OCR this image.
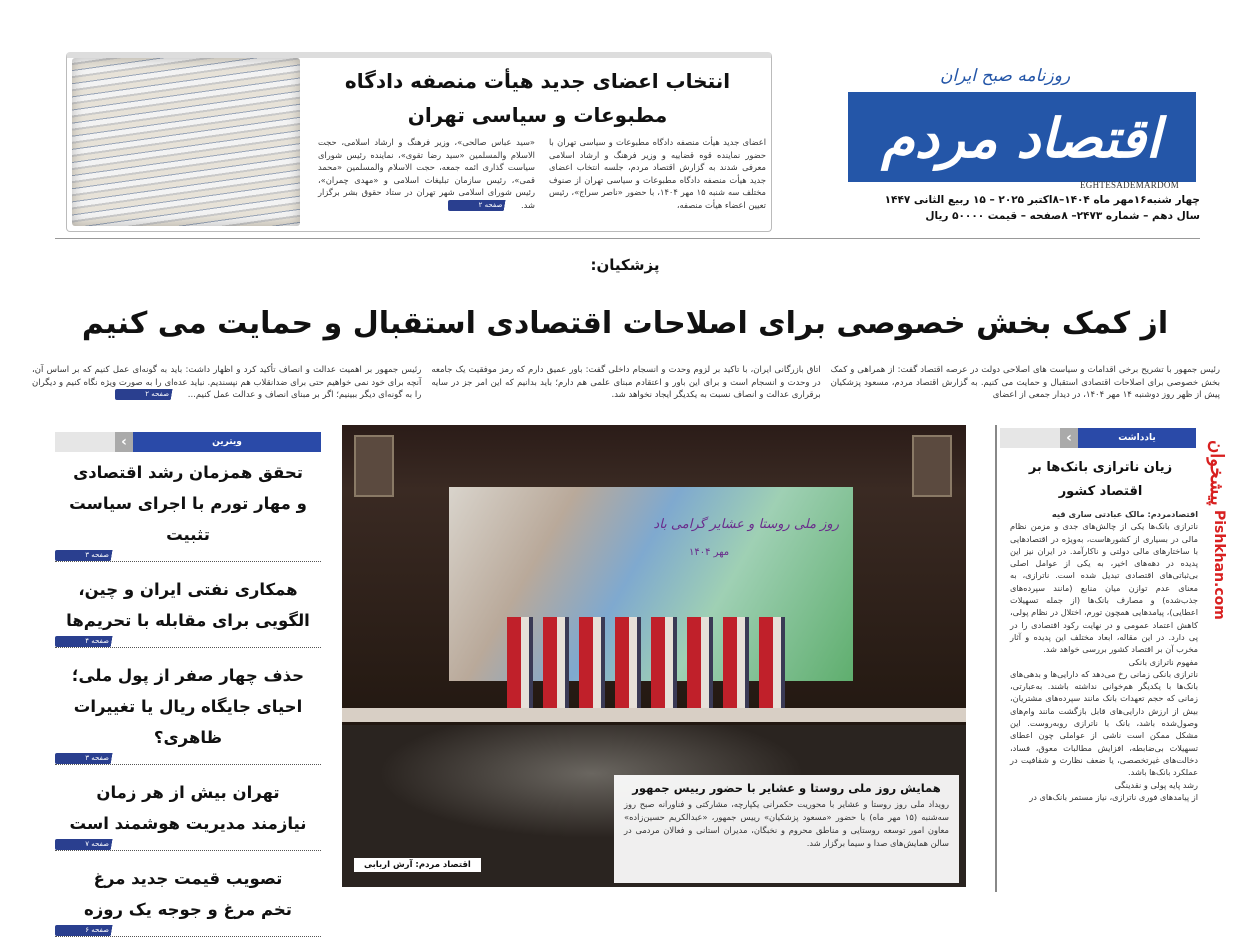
اقتصاد مردم
روزنامه صبح ایران
EGHTESADEMARDOM
چهار شنبه۱۶مهر ماه ۱۴۰۴–۸اکتبر ۲۰۲۵ – ۱۵ ربیع الثانی ۱۴۴۷
سال دهم – شماره ۲۴۷۳– ۸صفحه – قیمت ۵۰۰۰۰ ریال
انتخاب اعضای جدید هیأت منصفه دادگاه
مطبوعات و سیاسی تهران
اعضای جدید هیأت منصفه دادگاه مطبوعات و سیاسی تهران با حضور نماینده قوه قضاییه و وزیر فرهنگ و ارشاد اسلامی معرفی شدند به گزارش اقتصاد مردم، جلسه انتخاب اعضای جدید هیأت منصفه دادگاه مطبوعات و سیاسی تهران از صنوف مختلف سه شنبه ۱۵ مهر ۱۴۰۴، با حضور «ناصر سراج»، رئیس تعیین اعضاء هیأت منصفه،
«سید عباس صالحی»، وزیر فرهنگ و ارشاد اسلامی، حجت الاسلام والمسلمین «سید رضا تقوی»، نماینده رئیس شورای سیاست گذاری ائمه جمعه، حجت الاسلام والمسلمین «محمد قمی»، رئیس سازمان تبلیغات اسلامی و «مهدی چمران»، رئیس شورای اسلامی شهر تهران در ستاد حقوق بشر برگزار شد. صفحه ۲
پزشکیان:
از کمک بخش خصوصی برای اصلاحات اقتصادی استقبال و حمایت می کنیم
رئیس جمهور با تشریح برخی اقدامات و سیاست های اصلاحی دولت در عرصه اقتصاد گفت: از همراهی و کمک بخش خصوصی برای اصلاحات اقتصادی استقبال و حمایت می کنیم. به گزارش اقتصاد مردم، مسعود پزشکیان پیش از ظهر روز دوشنبه ۱۴ مهر ۱۴۰۴، در دیدار جمعی از اعضای
اتاق بازرگانی ایران، با تاکید بر لزوم وحدت و انسجام داخلی گفت: باور عمیق دارم که رمز موفقیت یک جامعه در وحدت و انسجام است و برای این باور و اعتقادم مبنای علمی هم دارم؛ باید بدانیم که این امر جز در سایه برقراری عدالت و انصاف نسبت به یکدیگر ایجاد نخواهد شد.
رئیس جمهور بر اهمیت عدالت و انصاف تأکید کرد و اظهار داشت: باید به گونه‌ای عمل کنیم که بر اساس آن، آنچه برای خود نمی خواهیم حتی برای ضدانقلاب هم نپسندیم. نباید عده‌ای را به صورت ویژه نگاه کنیم و دیگران را به گونه‌ای دیگر ببینیم؛ اگر بر مبنای انصاف و عدالت عمل کنیم... صفحه ۲
ویترین
‹
تحقق همزمان رشد اقتصادی
و مهار تورم با اجرای سیاست تثبیت
صفحه ۳
همکاری نفتی ایران و چین،
الگویی برای مقابله با تحریم‌ها
صفحه ۴
حذف چهار صفر از پول ملی؛
احیای جایگاه ریال یا تغییرات ظاهری؟
صفحه ۳
تهران بیش از هر زمان
نیازمند مدیریت هوشمند است
صفحه ۷
تصویب قیمت جدید مرغ
تخم مرغ و جوجه یک روزه
صفحه ۶
روز ملی روستا و عشایر گرامی باد
مهر ۱۴۰۴
همایش روز ملی روستا و عشایر با حضور رییس جمهور
رویداد ملی روز روستا و عشایر با محوریت حکمرانی یکپارچه، مشارکتی و فناورانه صبح روز سه‌شنبه (۱۵ مهر ماه) با حضور «مسعود پزشکیان» رییس جمهور، «عبدالکریم حسین‌زاده» معاون امور توسعه روستایی و مناطق محروم و نخبگان، مدیران استانی و فعالان مردمی در سالن همایش‌های صدا و سیما برگزار شد.
اقتصاد مردم: آرش اربابی
یادداشت
‹
زیان ناترازی بانک‌ها بر اقتصاد کشور
اقتصادمردم: مالک عبادتی ساری قیه
ناترازی بانک‌ها یکی از چالش‌های جدی و مزمن نظام مالی در بسیاری از کشورهاست، به‌ویژه در اقتصادهایی با ساختارهای مالی دولتی و ناکارآمد. در ایران نیز این پدیده در دهه‌های اخیر، به یکی از عوامل اصلی بی‌ثباتی‌های اقتصادی تبدیل شده است. ناترازی، به معنای عدم توازن میان منابع (مانند سپرده‌های جذب‌شده) و مصارف بانک‌ها (از جمله تسهیلات اعطایی)، پیامدهایی همچون تورم، اختلال در نظام پولی، کاهش اعتماد عمومی و در نهایت رکود اقتصادی را در پی دارد. در این مقاله، ابعاد مختلف این پدیده و آثار مخرب آن بر اقتصاد کشور بررسی خواهد شد.
مفهوم ناترازی بانکی
ناترازی بانکی زمانی رخ می‌دهد که دارایی‌ها و بدهی‌های بانک‌ها با یکدیگر هم‌خوانی نداشته باشند. به‌عبارتی، زمانی که حجم تعهدات بانک مانند سپرده‌های مشتریان، بیش از ارزش دارایی‌های قابل بازگشت مانند وام‌های وصول‌شده باشد، بانک با ناترازی روبه‌روست. این مشکل ممکن است ناشی از عواملی چون اعطای تسهیلات بی‌ضابطه، افزایش مطالبات معوق، فساد، دخالت‌های غیرتخصصی، یا ضعف نظارت و شفافیت در عملکرد بانک‌ها باشد.
رشد پایه پولی و نقدینگی
از پیامدهای فوری ناترازی، نیاز مستمر بانک‌های در
پیشخوان
Pishkhan.com
